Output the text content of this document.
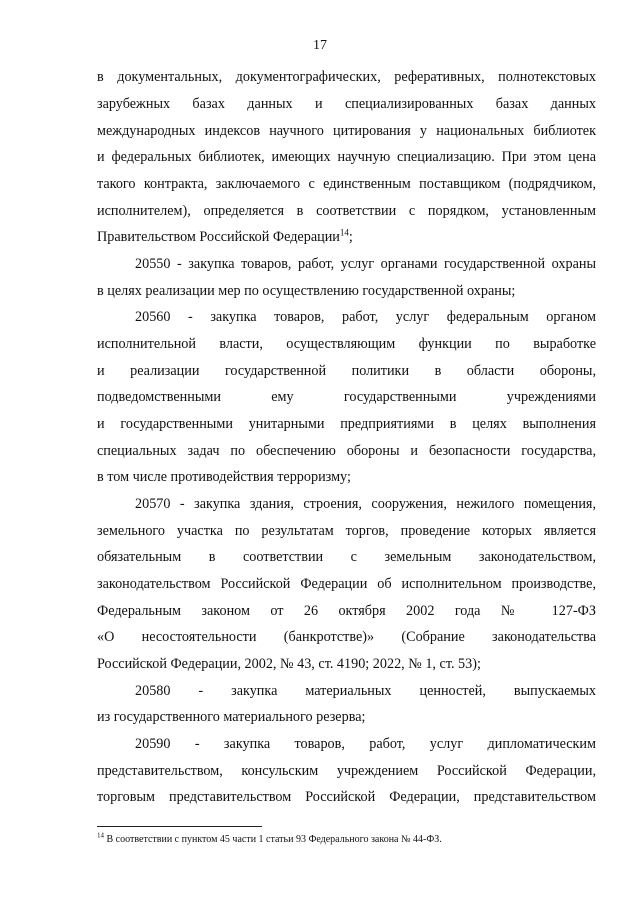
17
в документальных, документографических, реферативных, полнотекстовых
зарубежных базах данных и специализированных базах данных
международных индексов научного цитирования у национальных библиотек
и федеральных библиотек, имеющих научную специализацию. При этом цена
такого контракта, заключаемого с единственным поставщиком (подрядчиком,
исполнителем), определяется в соответствии с порядком, установленным
Правительством Российской Федерации$^{14}$;
20550 - закупка товаров, работ, услуг органами государственной охраны
в целях реализации мер по осуществлению государственной охраны;
20560 - закупка товаров, работ, услуг федеральным органом
исполнительной власти, осуществляющим функции по выработке
и реализации государственной политики в области обороны,
подведомственными ему государственными учреждениями
и государственными унитарными предприятиями в целях выполнения
специальных задач по обеспечению обороны и безопасности государства,
в том числе противодействия терроризму;
20570 - закупка здания, строения, сооружения, нежилого помещения,
земельного участка по результатам торгов, проведение которых является
обязательным в соответствии с земельным законодательством,
законодательством Российской Федерации об исполнительном производстве,
Федеральным законом от 26 октября 2002 года № 127-ФЗ
«О несостоятельности (банкротстве)» (Собрание законодательства
Российской Федерации, 2002, № 43, ст. 4190; 2022, № 1, ст. 53);
20580 - закупка материальных ценностей, выпускаемых
из государственного материального резерва;
20590 - закупка товаров, работ, услуг дипломатическим
представительством, консульским учреждением Российской Федерации,
торговым представительством Российской Федерации, представительством
$^{14}$ В соответствии с пунктом 45 части 1 статьи 93 Федерального закона № 44-ФЗ.
